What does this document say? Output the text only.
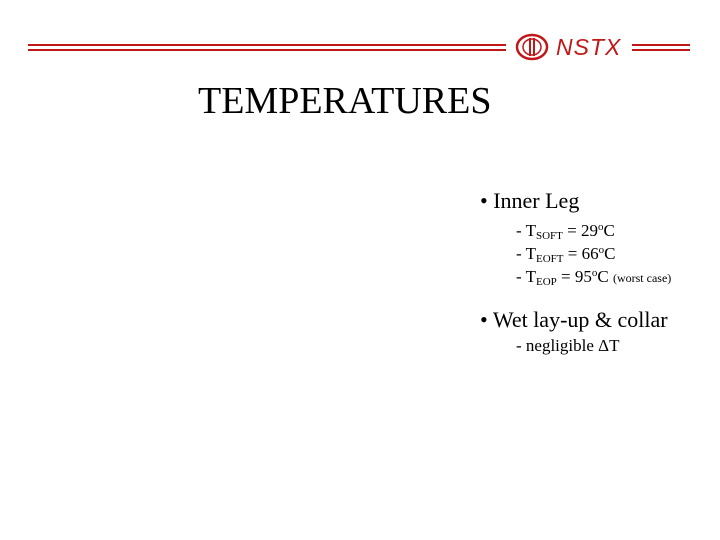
NSTX
TEMPERATURES
• Inner Leg
- $T_{SOFT} = 29^oC$
- $T_{EOFT} = 66^oC$
- $T_{EOP} = 95^oC$ (worst case)
• Wet lay-up & collar
- negligible ΔT
